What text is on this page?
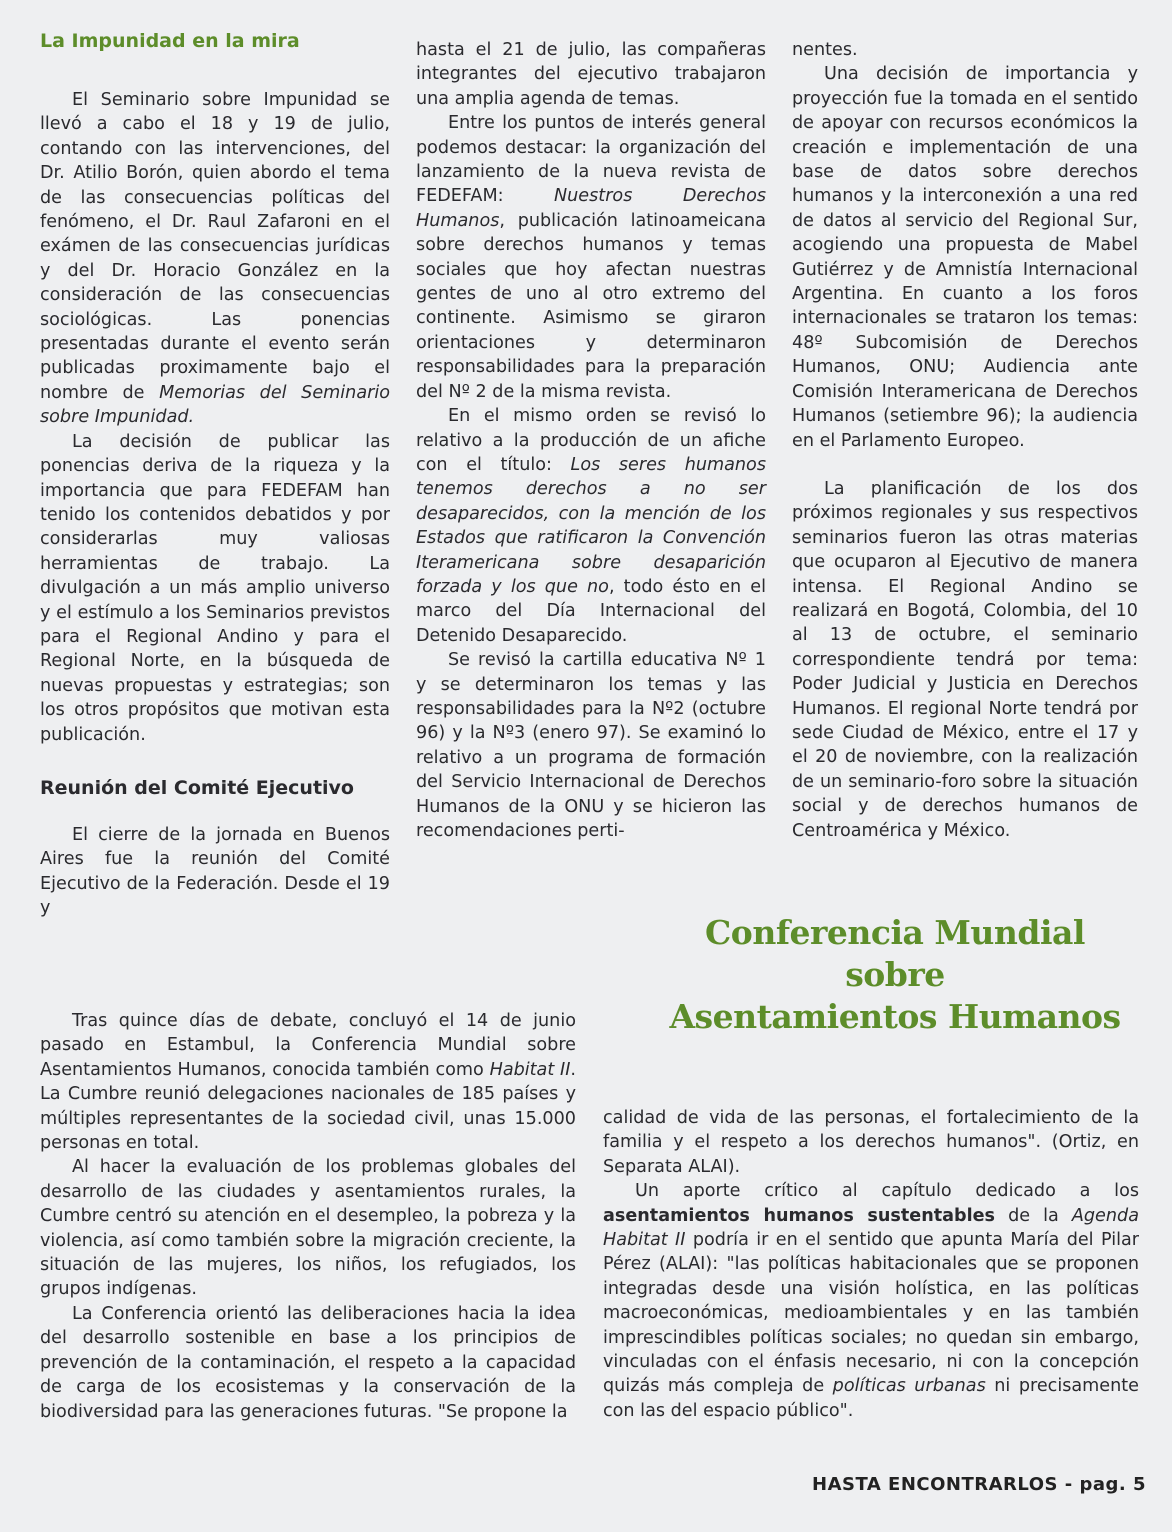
La Impunidad en la mira

El Seminario sobre Impunidad se llevó a cabo el 18 y 19 de julio, contando con las intervenciones, del Dr. Atilio Borón, quien abordo el tema de las consecuencias políticas del fenómeno, el Dr. Raul Zafaroni en el exámen de las consecuencias jurídicas y del Dr. Horacio González en la consideración de las consecuencias sociológicas. Las ponencias presentadas durante el evento serán publicadas proximamente bajo el nombre de Memorias del Seminario sobre Impunidad.

La decisión de publicar las ponencias deriva de la riqueza y la importancia que para FEDEFAM han tenido los contenidos debatidos y por considerarlas muy valiosas herramientas de trabajo. La divulgación a un más amplio universo y el estímulo a los Seminarios previstos para el Regional Andino y para el Regional Norte, en la búsqueda de nuevas propuestas y estrategias; son los otros propósitos que motivan esta publicación.

Reunión del Comité Ejecutivo

El cierre de la jornada en Buenos Aires fue la reunión del Comité Ejecutivo de la Federación. Desde el 19 y

hasta el 21 de julio, las compañeras integrantes del ejecutivo trabajaron una amplia agenda de temas.

Entre los puntos de interés general podemos destacar: la organización del lanzamiento de la nueva revista de FEDEFAM: Nuestros Derechos Humanos, publicación latinoameicana sobre derechos humanos y temas sociales que hoy afectan nuestras gentes de uno al otro extremo del continente. Asimismo se giraron orientaciones y determinaron responsabilidades para la preparación del Nº 2 de la misma revista.

En el mismo orden se revisó lo relativo a la producción de un afiche con el título: Los seres humanos tenemos derechos a no ser desaparecidos, con la mención de los Estados que ratificaron la Convención Iteramericana sobre desaparición forzada y los que no, todo ésto en el marco del Día Internacional del Detenido Desaparecido.

Se revisó la cartilla educativa Nº 1 y se determinaron los temas y las responsabilidades para la Nº2 (octubre 96) y la Nº3 (enero 97). Se examinó lo relativo a un programa de formación del Servicio Internacional de Derechos Humanos de la ONU y se hicieron las recomendaciones perti-

nentes.

Una decisión de importancia y proyección fue la tomada en el sentido de apoyar con recursos económicos la creación e implementación de una base de datos sobre derechos humanos y la interconexión a una red de datos al servicio del Regional Sur, acogiendo una propuesta de Mabel Gutiérrez y de Amnistía Internacional Argentina. En cuanto a los foros internacionales se trataron los temas: 48º Subcomisión de Derechos Humanos, ONU; Audiencia ante Comisión Interamericana de Derechos Humanos (setiembre 96); la audiencia en el Parlamento Europeo.

La planificación de los dos próximos regionales y sus respectivos seminarios fueron las otras materias que ocuparon al Ejecutivo de manera intensa. El Regional Andino se realizará en Bogotá, Colombia, del 10 al 13 de octubre, el seminario correspondiente tendrá por tema: Poder Judicial y Justicia en Derechos Humanos. El regional Norte tendrá por sede Ciudad de México, entre el 17 y el 20 de noviembre, con la realización de un seminario-foro sobre la situación social y de derechos humanos de Centroamérica y México.

Conferencia Mundial
sobre
Asentamientos Humanos

Tras quince días de debate, concluyó el 14 de junio pasado en Estambul, la Conferencia Mundial sobre Asentamientos Humanos, conocida también como Habitat II. La Cumbre reunió delegaciones nacionales de 185 países y múltiples representantes de la sociedad civil, unas 15.000 personas en total.

Al hacer la evaluación de los problemas globales del desarrollo de las ciudades y asentamientos rurales, la Cumbre centró su atención en el desempleo, la pobreza y la violencia, así como también sobre la migración creciente, la situación de las mujeres, los niños, los refugiados, los grupos indígenas.

La Conferencia orientó las deliberaciones hacia la idea del desarrollo sostenible en base a los principios de prevención de la contaminación, el respeto a la capacidad de carga de los ecosistemas y la conservación de la biodiversidad para las generaciones futuras. "Se propone la

calidad de vida de las personas, el fortalecimiento de la familia y el respeto a los derechos humanos". (Ortiz, en Separata ALAI).

Un aporte crítico al capítulo dedicado a los asentamientos humanos sustentables de la Agenda Habitat II podría ir en el sentido que apunta María del Pilar Pérez (ALAI): "las políticas habitacionales que se proponen integradas desde una visión holística, en las políticas macroeconómicas, medioambientales y en las también imprescindibles políticas sociales; no quedan sin embargo, vinculadas con el énfasis necesario, ni con la concepción quizás más compleja de políticas urbanas ni precisamente con las del espacio público".

HASTA ENCONTRARLOS - pag. 5
